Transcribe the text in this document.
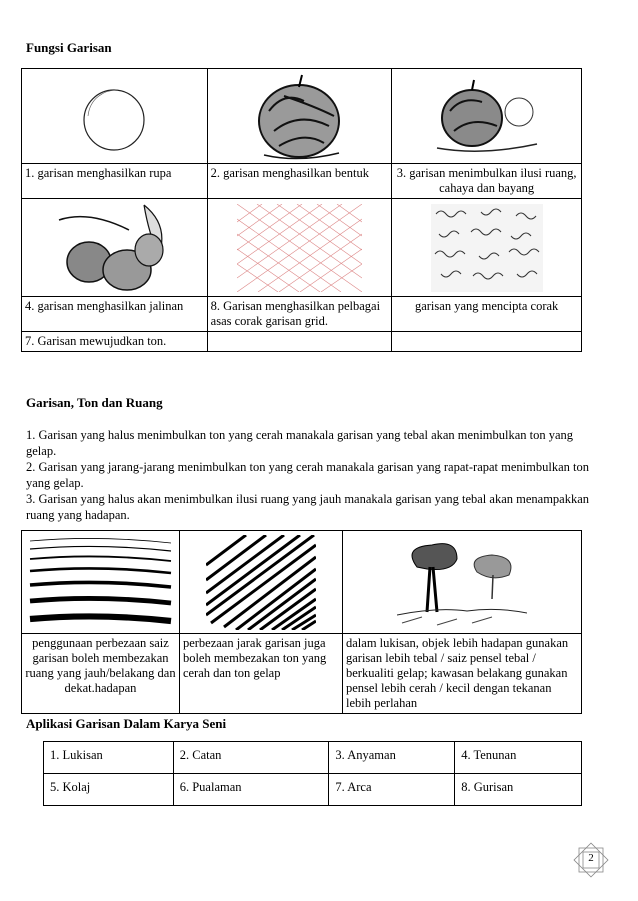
Fungsi Garisan

1. garisan menghasilkan rupa	2. garisan menghasilkan bentuk	3. garisan menimbulkan ilusi ruang, cahaya dan bayang

4. garisan menghasilkan jalinan	8. Garisan menghasilkan pelbagai asas corak garisan grid.	garisan yang mencipta corak
7. Garisan mewujudkan ton.		
Garisan, Ton dan Ruang
1. Garisan yang halus menimbulkan ton yang cerah manakala garisan yang tebal akan menimbulkan ton yang gelap.
2. Garisan yang jarang-jarang menimbulkan ton yang cerah manakala garisan yang rapat-rapat menimbulkan ton yang gelap.
3. Garisan yang halus akan menimbulkan ilusi ruang yang jauh manakala garisan yang tebal akan menampakkan ruang yang hadapan.

penggunaan perbezaan saiz garisan boleh membezakan ruang yang jauh/belakang dan dekat.hadapan	perbezaan jarak garisan juga boleh membezakan ton yang cerah dan ton gelap	dalam lukisan, objek lebih hadapan gunakan garisan lebih tebal / saiz pensel tebal / berkualiti gelap; kawasan belakang gunakan pensel lebih cerah / kecil dengan tekanan lebih perlahan
Aplikasi Garisan Dalam Karya Seni
1. Lukisan	2. Catan	3. Anyaman	4. Tenunan
5. Kolaj	6. Pualaman	7. Arca	8. Gurisan
2
